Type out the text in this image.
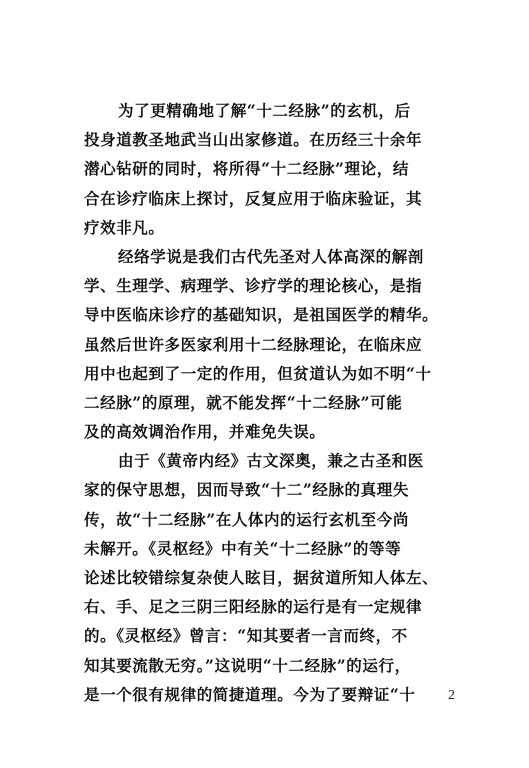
为了更精确地了解“十二经脉”的玄机，后
投身道教圣地武当山出家修道。在历经三十余年
潜心钻研的同时，将所得“十二经脉”理论，结
合在诊疗临床上探讨，反复应用于临床验证，其
疗效非凡。
经络学说是我们古代先圣对人体高深的解剖
学、生理学、病理学、诊疗学的理论核心，是指
导中医临床诊疗的基础知识，是祖国医学的精华。
虽然后世许多医家利用十二经脉理论，在临床应
用中也起到了一定的作用，但贫道认为如不明“十
二经脉”的原理，就不能发挥“十二经脉”可能
及的高效调治作用，并难免失误。
由于《黄帝内经》古文深奥，兼之古圣和医
家的保守思想，因而导致“十二”经脉的真理失
传，故“十二经脉”在人体内的运行玄机至今尚
未解开。《灵枢经》中有关“十二经脉”的等等
论述比较错综复杂使人眩目，据贫道所知人体左、
右、手、足之三阴三阳经脉的运行是有一定规律
的。《灵枢经》曾言：“知其要者一言而终，不
知其要流散无穷。”这说明“十二经脉”的运行，
是一个很有规律的简捷道理。今为了要辩证“十	2
